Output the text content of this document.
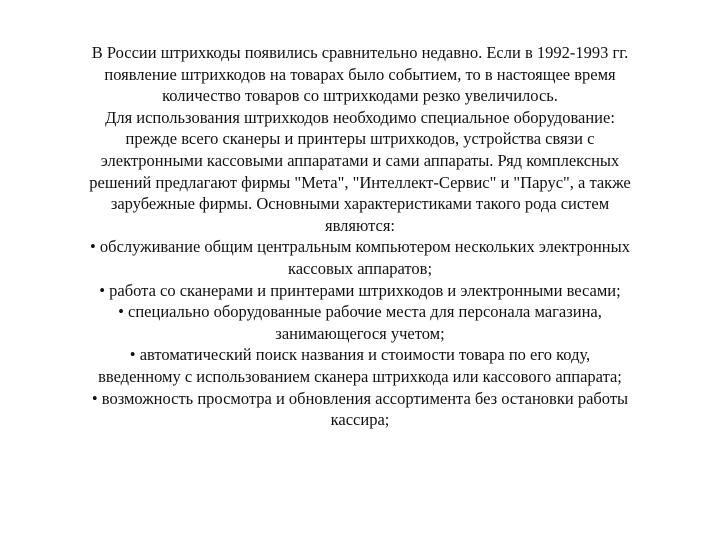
В России штрихкоды появились сравнительно недавно. Если в 1992-1993 гг.
появление штрихкодов на товарах было событием, то в настоящее время
количество товаров со штрихкодами резко увеличилось.
Для использования штрихкодов необходимо специальное оборудование:
прежде всего сканеры и принтеры штрихкодов, устройства связи с
электронными кассовыми аппаратами и сами аппараты. Ряд комплексных
решений предлагают фирмы "Мета", "Интеллект-Сервис" и "Парус", а также
зарубежные фирмы. Основными характеристиками такого рода систем
являются:
• обслуживание общим центральным компьютером нескольких электронных
кассовых аппаратов;
• работа со сканерами и принтерами штрихкодов и электронными весами;
• специально оборудованные рабочие места для персонала магазина,
занимающегося учетом;
• автоматический поиск названия и стоимости товара по его коду,
введенному с использованием сканера штрихкода или кассового аппарата;
• возможность просмотра и обновления ассортимента без остановки работы
кассира;
